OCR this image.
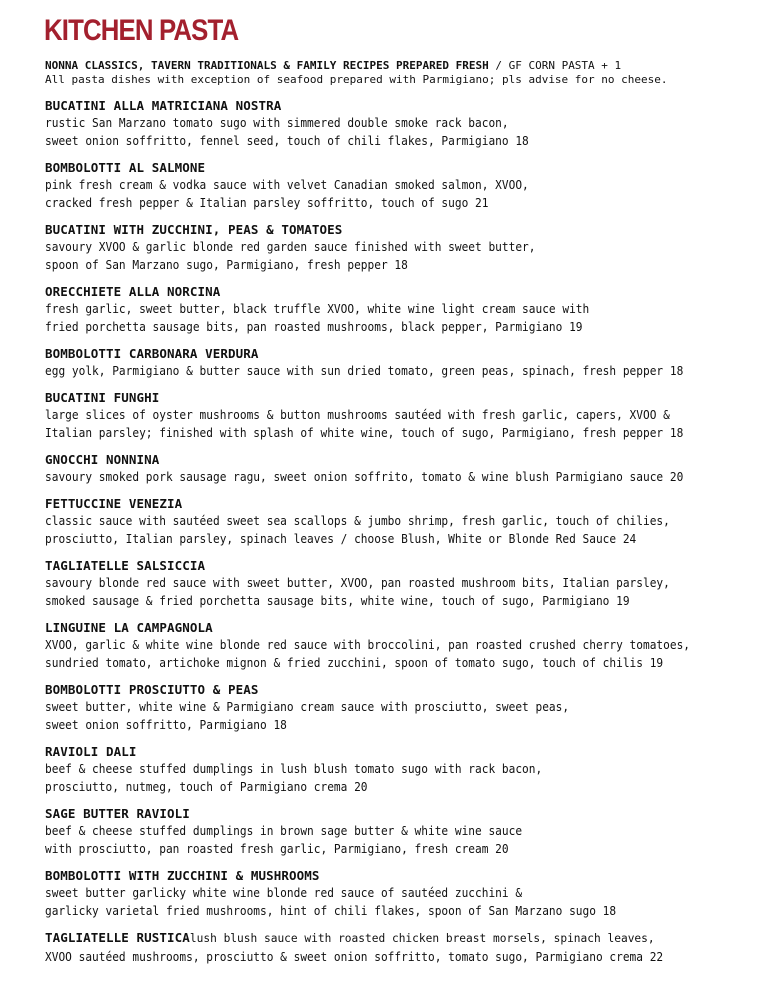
KITCHEN PASTA
NONNA CLASSICS, TAVERN TRADITIONALS & FAMILY RECIPES PREPARED FRESH / GF CORN PASTA + 1
All pasta dishes with exception of seafood prepared with Parmigiano; pls advise for no cheese.
BUCATINI ALLA MATRICIANA NOSTRA
rustic San Marzano tomato sugo with simmered double smoke rack bacon,
sweet onion soffritto, fennel seed, touch of chili flakes, Parmigiano 18
BOMBOLOTTI AL SALMONE
pink fresh cream & vodka sauce with velvet Canadian smoked salmon, XVOO,
cracked fresh pepper & Italian parsley soffritto, touch of sugo 21
BUCATINI WITH ZUCCHINI, PEAS & TOMATOES
savoury XVOO & garlic blonde red garden sauce finished with sweet butter,
spoon of San Marzano sugo, Parmigiano, fresh pepper 18
ORECCHIETE ALLA NORCINA
fresh garlic, sweet butter, black truffle XVOO, white wine light cream sauce with
fried porchetta sausage bits, pan roasted mushrooms, black pepper, Parmigiano 19
BOMBOLOTTI CARBONARA VERDURA
egg yolk, Parmigiano & butter sauce with sun dried tomato, green peas, spinach, fresh pepper 18
BUCATINI FUNGHI
large slices of oyster mushrooms & button mushrooms sautéed with fresh garlic, capers, XVOO &
Italian parsley; finished with splash of white wine, touch of sugo, Parmigiano, fresh pepper 18
GNOCCHI NONNINA
savoury smoked pork sausage ragu, sweet onion soffrito, tomato & wine blush Parmigiano sauce 20
FETTUCCINE VENEZIA
classic sauce with sautéed sweet sea scallops & jumbo shrimp, fresh garlic, touch of chilies,
prosciutto, Italian parsley, spinach leaves / choose Blush, White or Blonde Red Sauce 24
TAGLIATELLE SALSICCIA
savoury blonde red sauce with sweet butter, XVOO, pan roasted mushroom bits, Italian parsley,
smoked sausage & fried porchetta sausage bits, white wine, touch of sugo, Parmigiano 19
LINGUINE LA CAMPAGNOLA
XVOO, garlic & white wine blonde red sauce with broccolini, pan roasted crushed cherry tomatoes,
sundried tomato, artichoke mignon & fried zucchini, spoon of tomato sugo, touch of chilis 19
BOMBOLOTTI PROSCIUTTO & PEAS
sweet butter, white wine & Parmigiano cream sauce with prosciutto, sweet peas,
sweet onion soffritto, Parmigiano 18
RAVIOLI DALI
beef & cheese stuffed dumplings in lush blush tomato sugo with rack bacon,
prosciutto, nutmeg, touch of Parmigiano crema 20
SAGE BUTTER RAVIOLI
beef & cheese stuffed dumplings in brown sage butter & white wine sauce
with prosciutto, pan roasted fresh garlic, Parmigiano, fresh cream 20
BOMBOLOTTI WITH ZUCCHINI & MUSHROOMS
sweet butter garlicky white wine blonde red sauce of sautéed zucchini &
garlicky varietal fried mushrooms, hint of chili flakes, spoon of San Marzano sugo 18
TAGLIATELLE RUSTICAlush blush sauce with roasted chicken breast morsels, spinach leaves,
XVOO sautéed mushrooms, prosciutto & sweet onion soffritto, tomato sugo, Parmigiano crema 22
